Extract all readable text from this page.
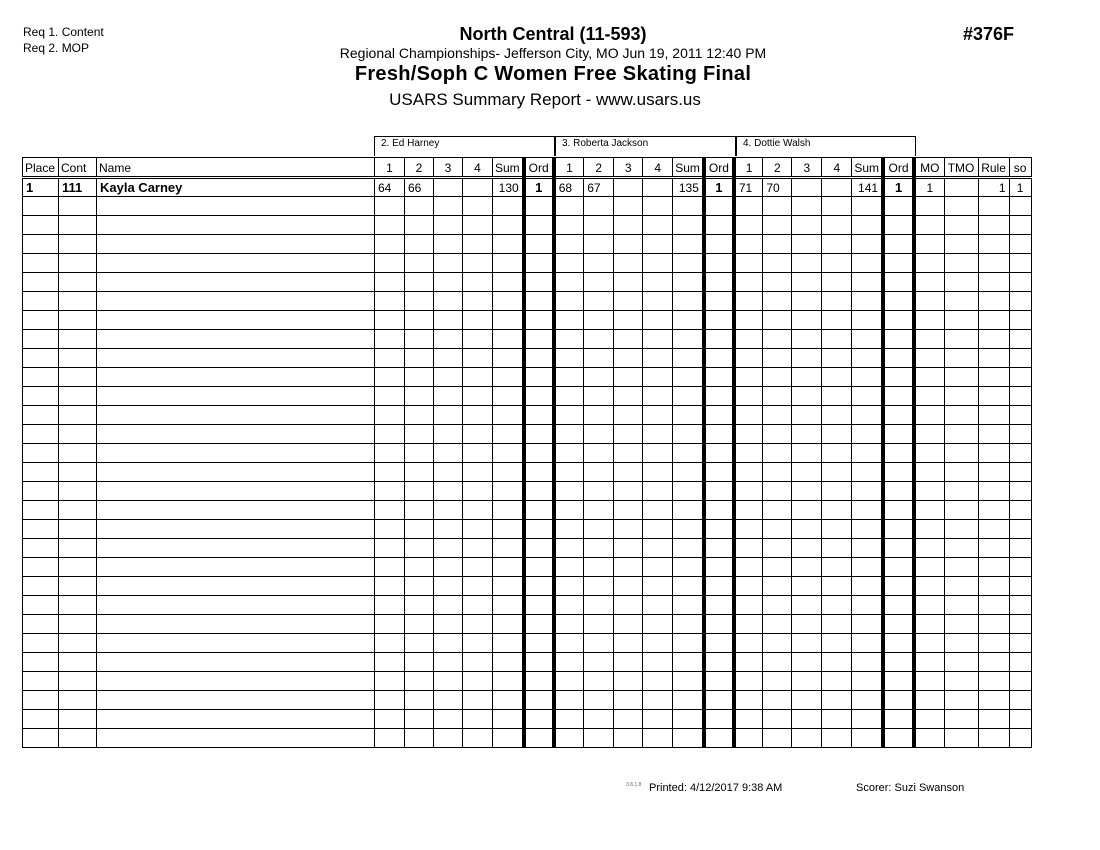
Req 1. Content
Req 2. MOP
North Central (11-593)
Regional Championships- Jefferson City, MO Jun 19, 2011 12:40 PM
Fresh/Soph C Women Free Skating Final
USARS Summary Report - www.usars.us
#376F
2. Ed Harney	3. Roberta Jackson	4. Dottie Walsh
Place	Cont	Name	1	2	3	4	Sum	Ord	1	2	3	4	Sum	Ord	1	2	3	4	Sum	Ord	MO	TMO	Rule	so
1	111	Kayla Carney	64	66			130	1	68	67			135	1	71	70			141	1	1		1	1

3.8.1.8 Printed: 4/12/2017 9:38 AM	Scorer: Suzi Swanson
